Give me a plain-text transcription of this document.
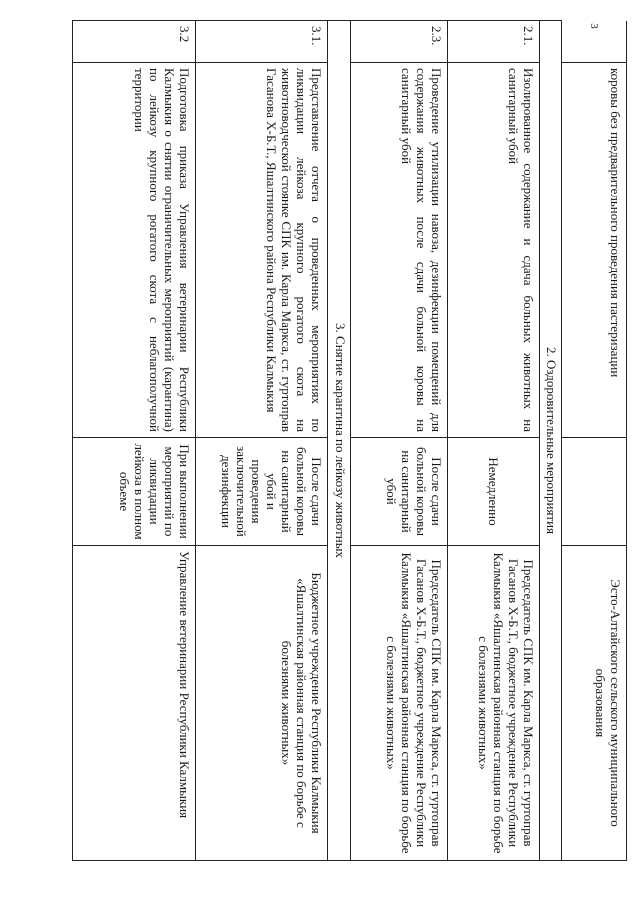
3
	коровы без предварительного проведения пастеризации		Эсто-Алтайского сельского муниципального образования
2. Оздоровительные мероприятия			
2.1.	Изолированное содержание и сдача больных животных на санитарный убой	Немедленно	Председатель СПК им. Карла Маркса, ст. гуртоправ Гасанов Х-Б.Т., бюджетное учреждение Республики Калмыкия «Яшалтинская районная станция по борьбе с болезнями животных»
2.3.	Проведение утилизации навоза, дезинфекции помещений для содержания животных после сдачи больной коровы на санитарный убой	После сдачи больной коровы на санитарный убой	Председатель СПК им. Карла Маркса, ст. гуртоправ Гасанов Х-Б.Т., бюджетное учреждение Республики Калмыкия «Яшалтинская районная станция по борьбе с болезнями животных»
3. Снятие карантина по лейкозу животных			
3.1.	Представление отчета о проведенных мероприятиях по ликвидации лейкоза крупного рогатого скота на животноводческой стоянке СПК им. Карла Маркса, ст. гуртоправ Гасанова Х-Б.Т., Яшалтинского района Республики Калмыкия	После сдачи больной коровы на санитарный убой и проведения заключительной дезинфекции	Бюджетное учреждение Республики Калмыкия «Яшалтинская районная станция по борьбе с болезнями животных»
3.2	Подготовка приказа Управления ветеринарии Республики Калмыкия о снятии ограничительных мероприятий (карантина) по лейкозу крупного рогатого скота с неблагополучной территории	При выполнении мероприятий по ликвидации лейкоза в полном объеме	Управление ветеринарии Республики Калмыкия
